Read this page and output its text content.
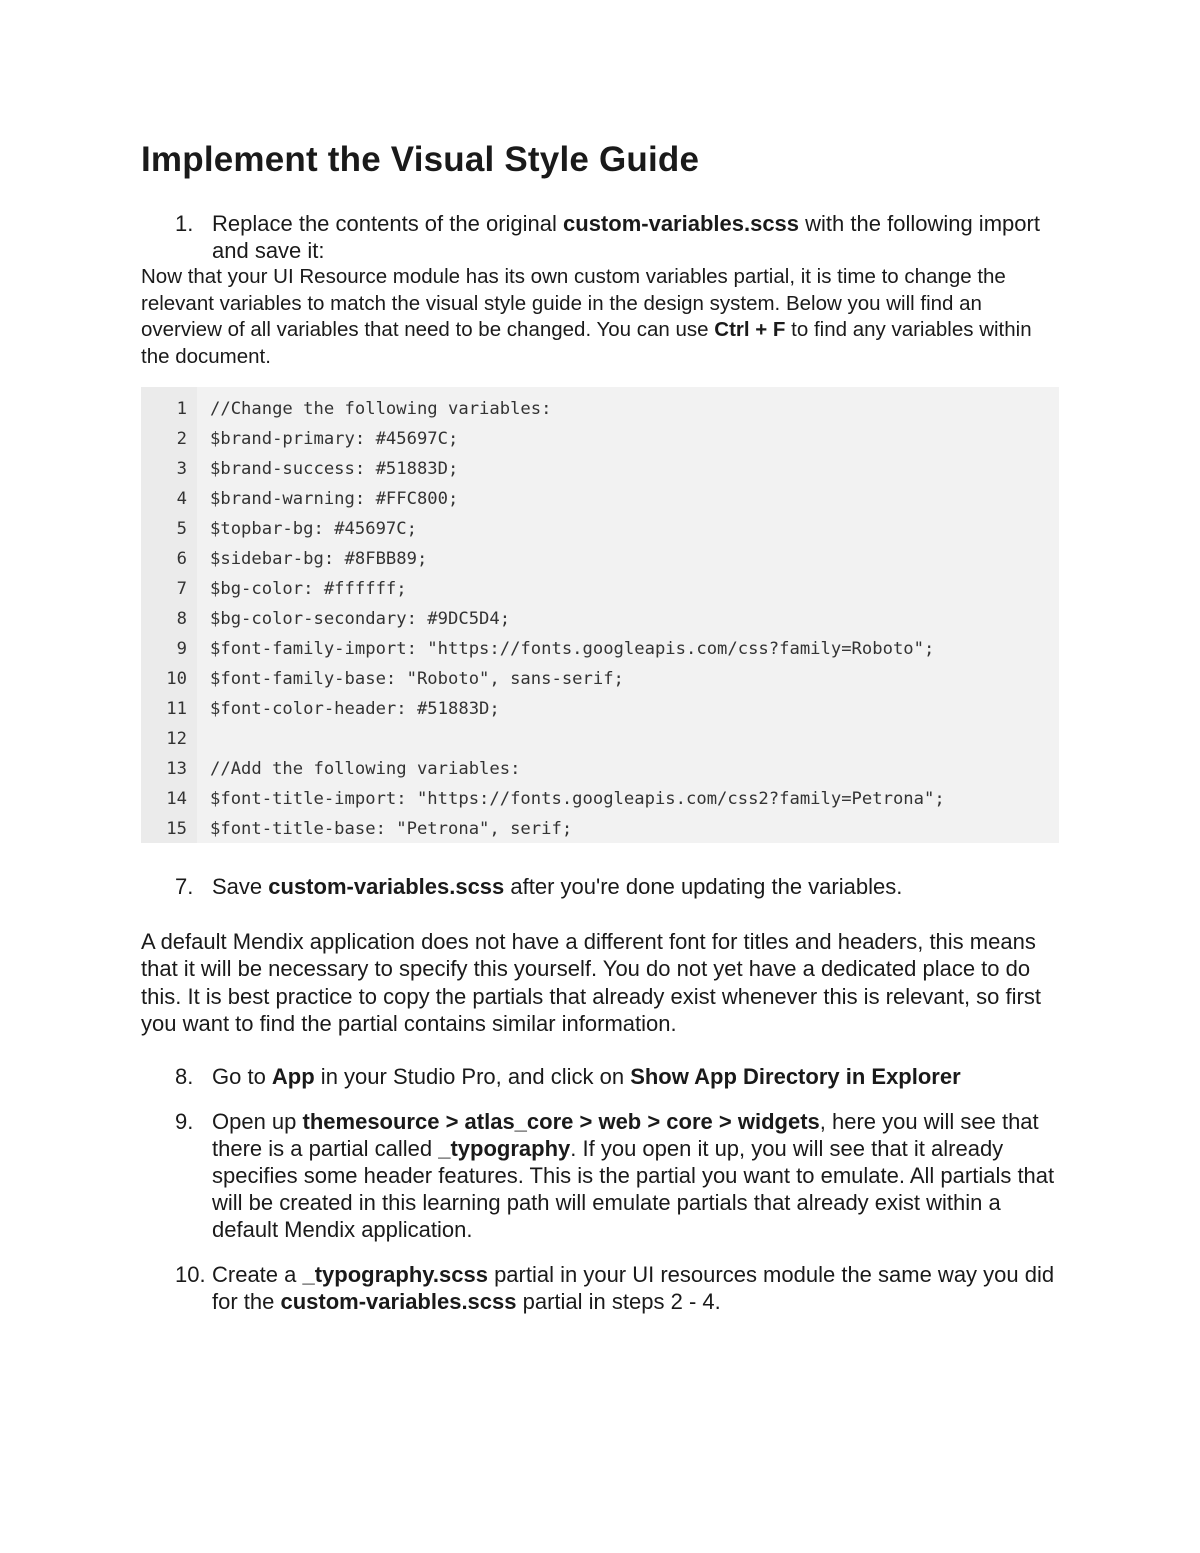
Implement the Visual Style Guide
1. Replace the contents of the original custom-variables.scss with the following import and save it:

Now that your UI Resource module has its own custom variables partial, it is time to change the relevant variables to match the visual style guide in the design system. Below you will find an overview of all variables that need to be changed. You can use Ctrl + F to find any variables within the document.

1 //Change the following variables:
2 $brand-primary: #45697C;
3 $brand-success: #51883D;
4 $brand-warning: #FFC800;
5 $topbar-bg: #45697C;
6 $sidebar-bg: #8FBB89;
7 $bg-color: #ffffff;
8 $bg-color-secondary: #9DC5D4;
9 $font-family-import: "https://fonts.googleapis.com/css?family=Roboto";
10 $font-family-base: "Roboto", sans-serif;
11 $font-color-header: #51883D;
12
13 //Add the following variables:
14 $font-title-import: "https://fonts.googleapis.com/css2?family=Petrona";
15 $font-title-base: "Petrona", serif;
7. Save custom-variables.scss after you're done updating the variables.

A default Mendix application does not have a different font for titles and headers, this means that it will be necessary to specify this yourself. You do not yet have a dedicated place to do this. It is best practice to copy the partials that already exist whenever this is relevant, so first you want to find the partial contains similar information.

8. Go to App in your Studio Pro, and click on Show App Directory in Explorer
9. Open up themesource > atlas_core > web > core > widgets, here you will see that there is a partial called _typography. If you open it up, you will see that it already specifies some header features. This is the partial you want to emulate. All partials that will be created in this learning path will emulate partials that already exist within a default Mendix application.
10. Create a _typography.scss partial in your UI resources module the same way you did for the custom-variables.scss partial in steps 2 - 4.
